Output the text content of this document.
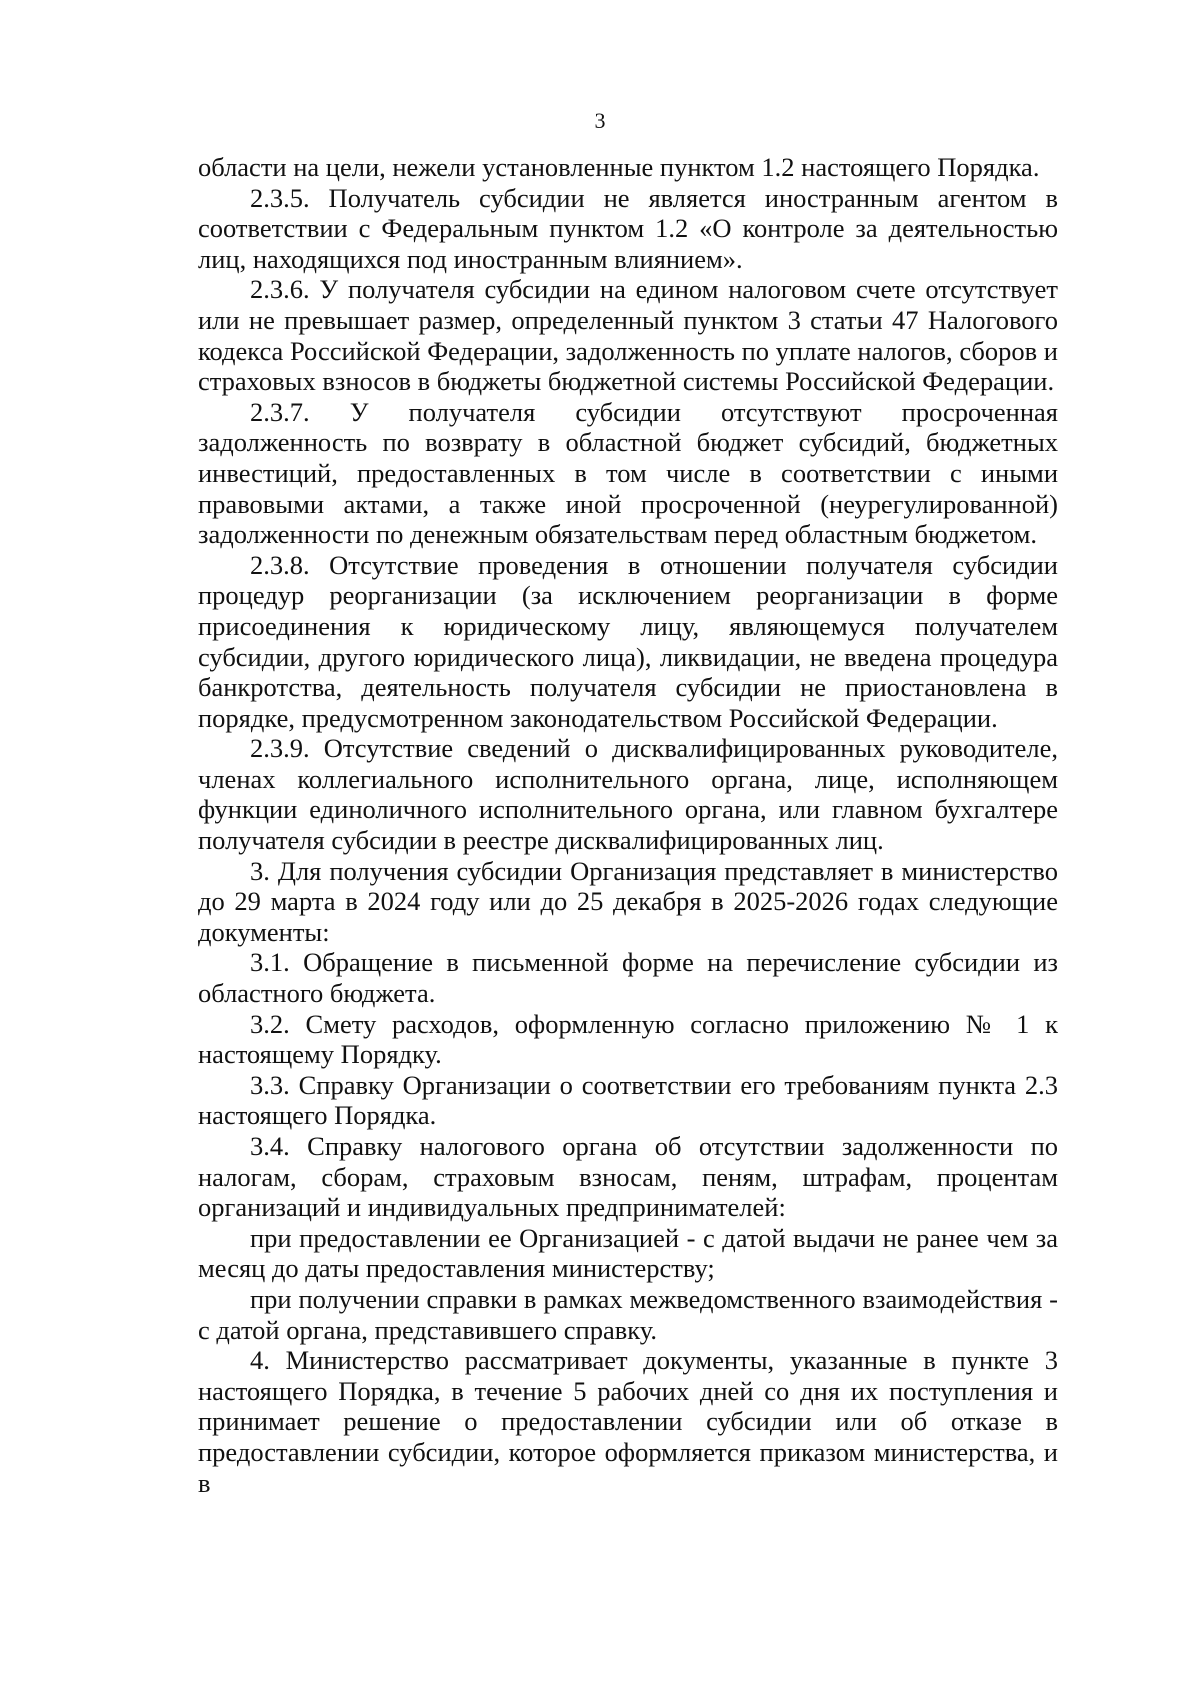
3

области на цели, нежели установленные пунктом 1.2 настоящего Порядка.

2.3.5. Получатель субсидии не является иностранным агентом в соответствии с Федеральным пунктом 1.2 «О контроле за деятельностью лиц, находящихся под иностранным влиянием».

2.3.6. У получателя субсидии на едином налоговом счете отсутствует или не превышает размер, определенный пунктом 3 статьи 47 Налогового кодекса Российской Федерации, задолженность по уплате налогов, сборов и страховых взносов в бюджеты бюджетной системы Российской Федерации.

2.3.7. У получателя субсидии отсутствуют просроченная задолженность по возврату в областной бюджет субсидий, бюджетных инвестиций, предоставленных в том числе в соответствии с иными правовыми актами, а также иной просроченной (неурегулированной) задолженности по денежным обязательствам перед областным бюджетом.

2.3.8. Отсутствие проведения в отношении получателя субсидии процедур реорганизации (за исключением реорганизации в форме присоединения к юридическому лицу, являющемуся получателем субсидии, другого юридического лица), ликвидации, не введена процедура банкротства, деятельность получателя субсидии не приостановлена в порядке, предусмотренном законодательством Российской Федерации.

2.3.9. Отсутствие сведений о дисквалифицированных руководителе, членах коллегиального исполнительного органа, лице, исполняющем функции единоличного исполнительного органа, или главном бухгалтере получателя субсидии в реестре дисквалифицированных лиц.

3. Для получения субсидии Организация представляет в министерство до 29 марта в 2024 году или до 25 декабря в 2025-2026 годах следующие документы:

3.1. Обращение в письменной форме на перечисление субсидии из областного бюджета.

3.2. Смету расходов, оформленную согласно приложению № 1 к настоящему Порядку.

3.3. Справку Организации о соответствии его требованиям пункта 2.3 настоящего Порядка.

3.4. Справку налогового органа об отсутствии задолженности по налогам, сборам, страховым взносам, пеням, штрафам, процентам организаций и индивидуальных предпринимателей:

при предоставлении ее Организацией - с датой выдачи не ранее чем за месяц до даты предоставления министерству;

при получении справки в рамках межведомственного взаимодействия - с датой органа, представившего справку.

4. Министерство рассматривает документы, указанные в пункте 3 настоящего Порядка, в течение 5 рабочих дней со дня их поступления и принимает решение о предоставлении субсидии или об отказе в предоставлении субсидии, которое оформляется приказом министерства, и в
